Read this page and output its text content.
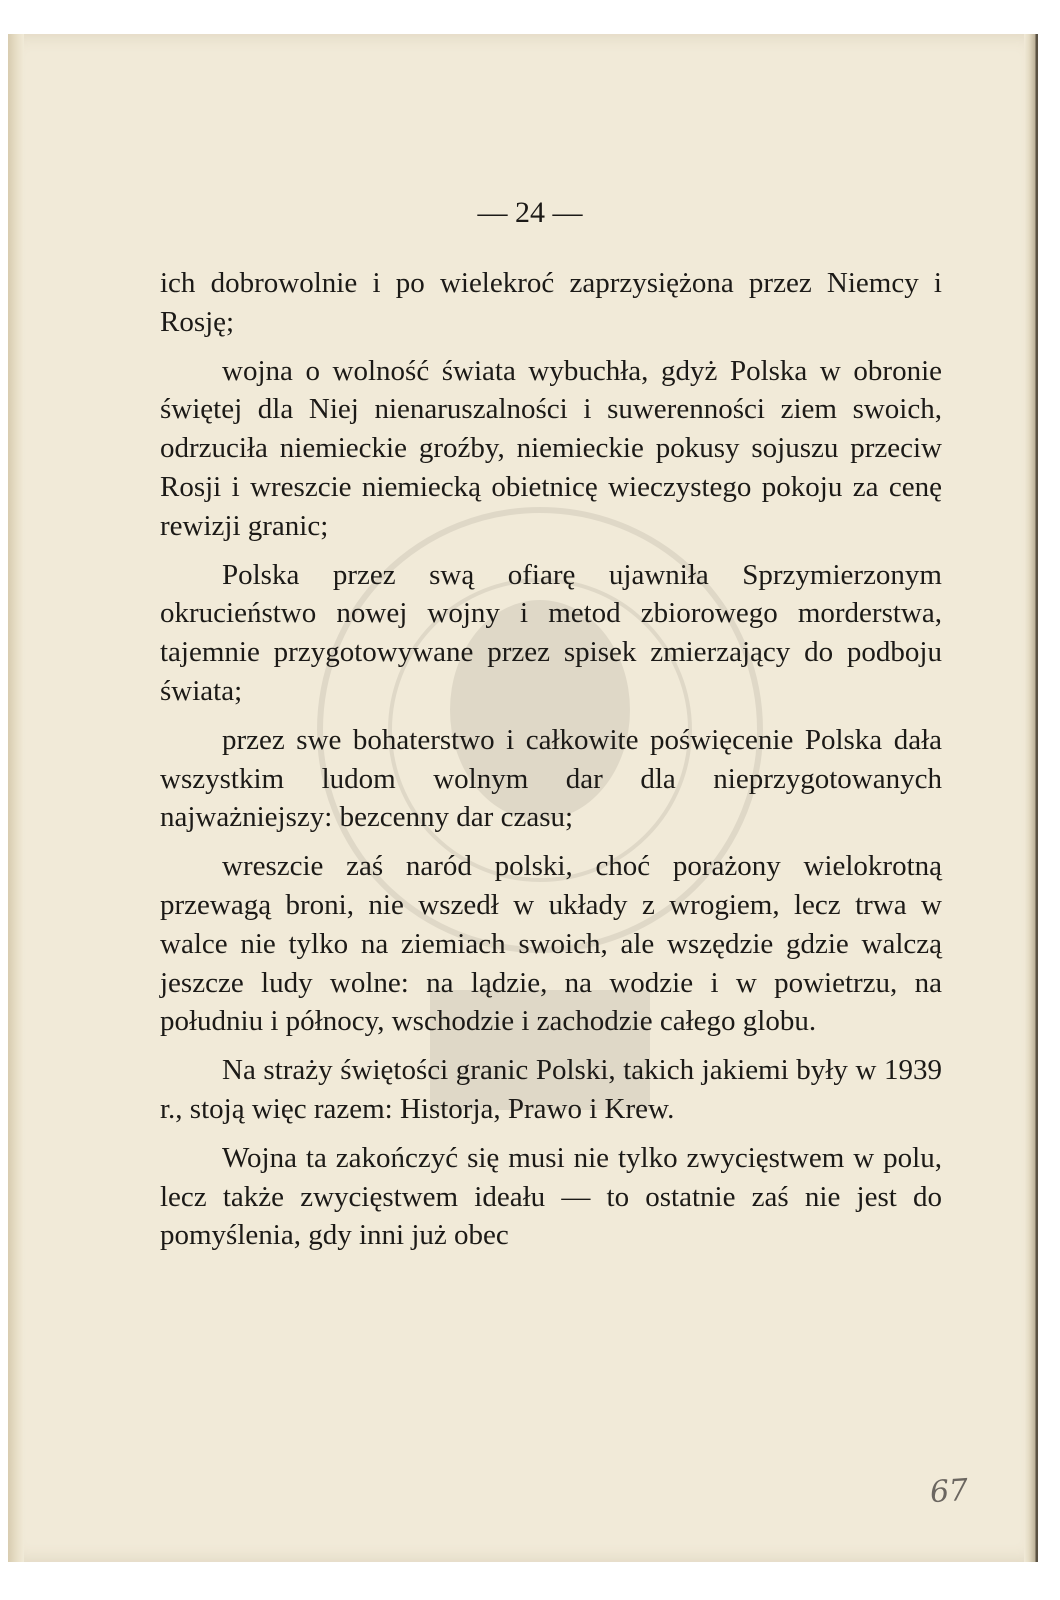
— 24 —

ich dobrowolnie i po wielekroć zaprzysiężona przez Niemcy i Rosję;

wojna o wolność świata wybuchła, gdyż Polska w obronie świętej dla Niej nienaruszalności i suwerenności ziem swoich, odrzuciła niemieckie groźby, niemieckie pokusy sojuszu przeciw Rosji i wreszcie niemiecką obietnicę wieczystego pokoju za cenę rewizji granic;

Polska przez swą ofiarę ujawniła Sprzymierzonym okrucieństwo nowej wojny i metod zbiorowego morderstwa, tajemnie przygotowywane przez spisek zmierzający do podboju świata;

przez swe bohaterstwo i całkowite poświęcenie Polska dała wszystkim ludom wolnym dar dla nieprzygotowanych najważniejszy: bezcenny dar czasu;

wreszcie zaś naród polski, choć porażony wielokrotną przewagą broni, nie wszedł w układy z wrogiem, lecz trwa w walce nie tylko na ziemiach swoich, ale wszędzie gdzie walczą jeszcze ludy wolne: na lądzie, na wodzie i w powietrzu, na południu i północy, wschodzie i zachodzie całego globu.

Na straży świętości granic Polski, takich jakiemi były w 1939 r., stoją więc razem: Historja, Prawo i Krew.

Wojna ta zakończyć się musi nie tylko zwycięstwem w polu, lecz także zwycięstwem ideału — to ostatnie zaś nie jest do pomyślenia, gdy inni już obec

67
